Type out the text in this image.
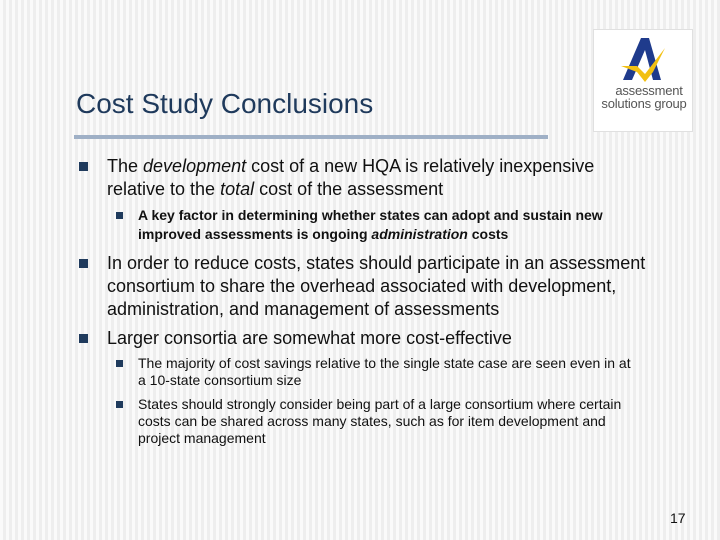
Cost Study Conclusions	assessment
solutions group
The development cost of a new HQA is relatively inexpensive
relative to the total cost of the assessment
A key factor in determining whether states can adopt and sustain new
improved assessments is ongoing administration costs
In order to reduce costs, states should participate in an assessment
consortium to share the overhead associated with development,
administration, and management of assessments
Larger consortia are somewhat more cost-effective
The majority of cost savings relative to the single state case are seen even in at
a 10-state consortium size
States should strongly consider being part of a large consortium where certain
costs can be shared across many states, such as for item development and
project management
17
